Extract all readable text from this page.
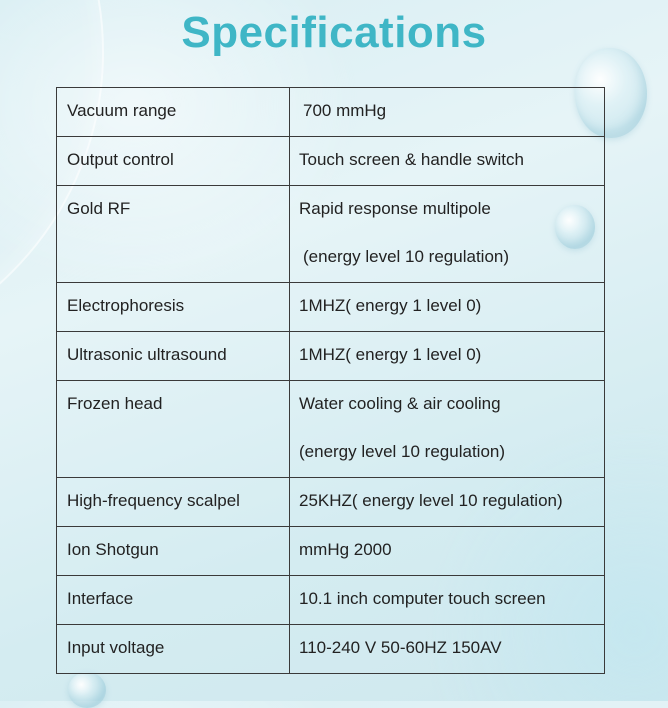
Specifications
Vacuum range	700 mmHg

Output control	Touch screen & handle switch

Gold RF	Rapid response multipole
(energy level 10 regulation)

Electrophoresis	1MHZ( energy 1 level 0)

Ultrasonic ultrasound	1MHZ( energy 1 level 0)

Frozen head	Water cooling & air cooling
(energy level 10 regulation)

High-frequency scalpel	25KHZ( energy level 10 regulation)

Ion Shotgun	mmHg 2000

Interface	10.1 inch computer touch screen

Input voltage	110-240 V 50-60HZ 150AV
